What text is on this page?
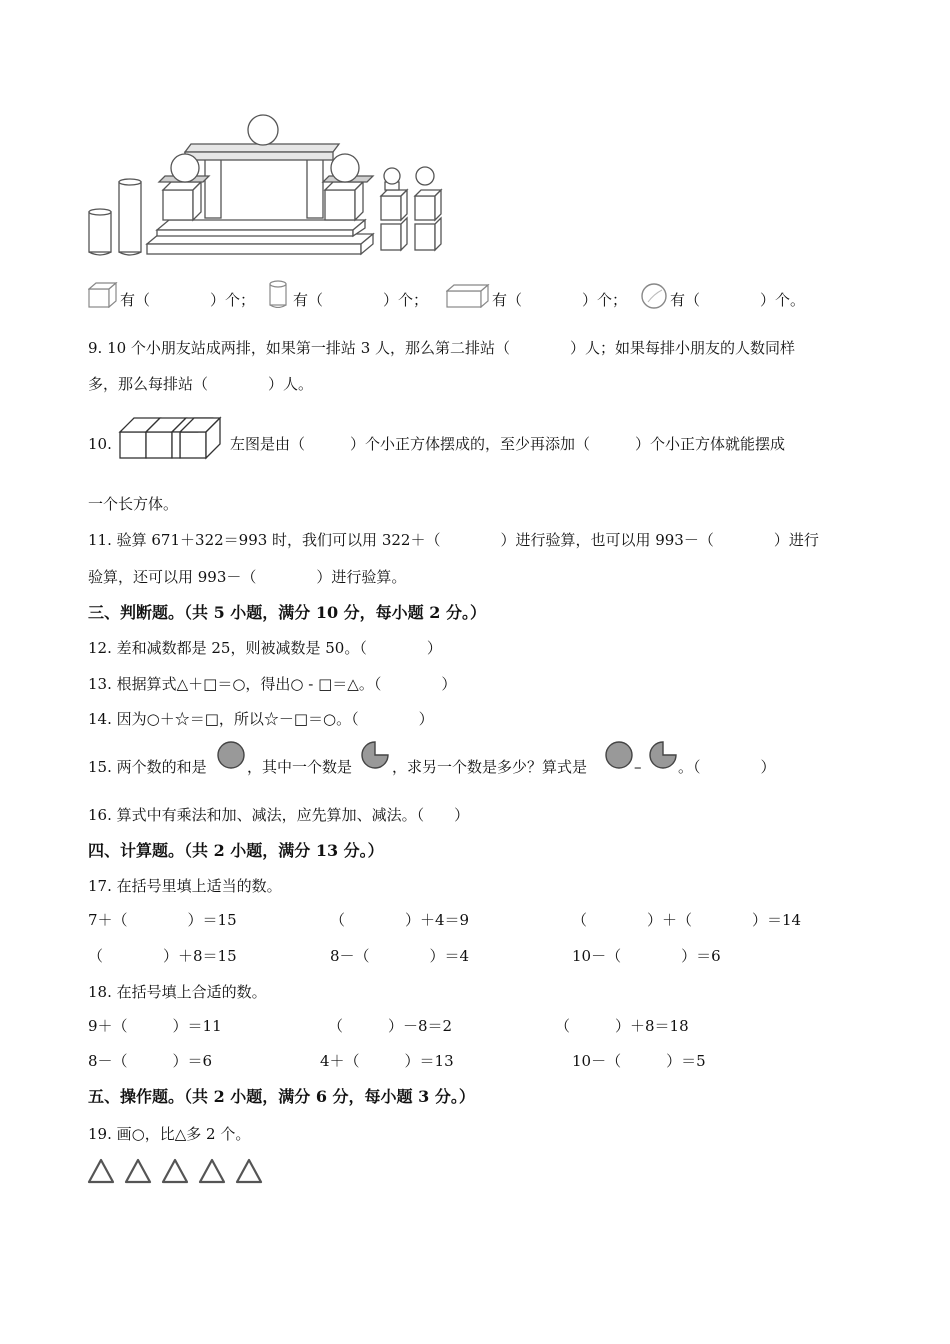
有（　　　　）个；	有（　　　　）个；	有（　　　　）个；	有（　　　　）个。
9. 10 个小朋友站成两排，如果第一排站 3 人，那么第二排站（　　　　）人；如果每排小朋友的人数同样
多，那么每排站（　　　　）人。
10.	左图是由（　　　）个小正方体摆成的，至少再添加（　　　）个小正方体就能摆成
一个长方体。
11. 验算 671＋322＝993 时，我们可以用 322＋（　　　　）进行验算，也可以用 993－（　　　　）进行
验算，还可以用 993－（　　　　）进行验算。
三、判断题。（共 5 小题，满分 10 分，每小题 2 分。）
12. 差和减数都是 25，则被减数是 50。（　　　　）
13. 根据算式△＋□＝○，得出○ - □＝△。（　　　　）
14. 因为○＋☆＝□，所以☆－□＝○。（　　　　）
15. 两个数的和是	，其中一个数是	，求另一个数是多少？算式是	– 。（　　　　）
16. 算式中有乘法和加、减法，应先算加、减法。（　　）
四、计算题。（共 2 小题，满分 13 分。）
17. 在括号里填上适当的数。
7＋（　　　　）＝15	（　　　　）＋4＝9	（　　　　）＋（　　　　）＝14
（　　　　）＋8＝15	8－（　　　　）＝4	10－（　　　　）＝6
18. 在括号填上合适的数。
9＋（　　　）＝11	（　　　）－8＝2	（　　　）＋8＝18
8－（　　　）＝6	4＋（　　　）＝13	10－（　　　）＝5
五、操作题。（共 2 小题，满分 6 分，每小题 3 分。）
19. 画○，比△多 2 个。
